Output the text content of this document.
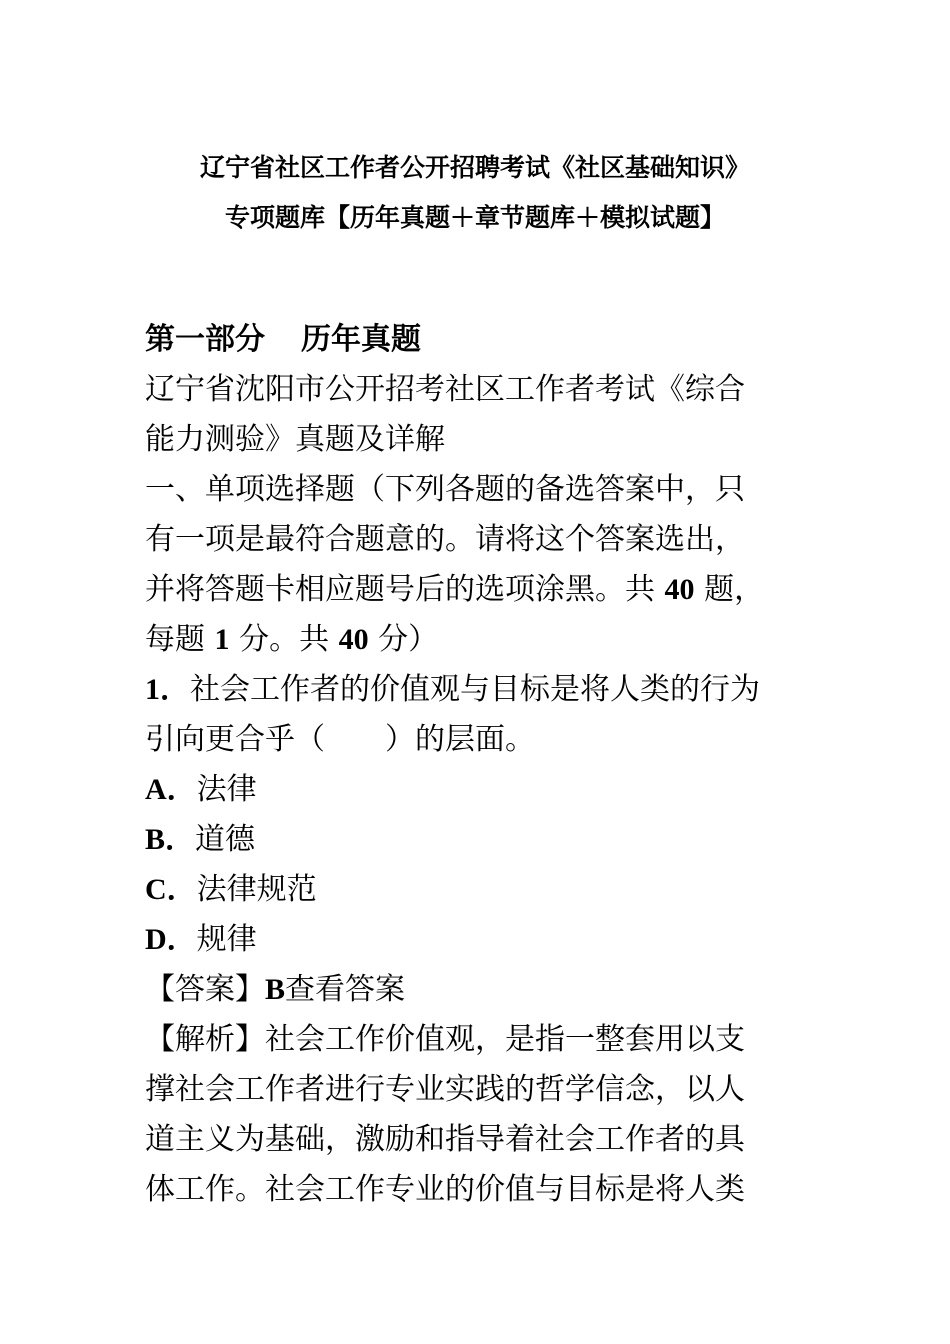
辽宁省社区工作者公开招聘考试《社区基础知识》
专项题库【历年真题＋章节题库＋模拟试题】
第一部分 历年真题
辽宁省沈阳市公开招考社区工作者考试《综合
能力测验》真题及详解
一、单项选择题（下列各题的备选答案中，只
有一项是最符合题意的。请将这个答案选出，
并将答题卡相应题号后的选项涂黑。共 40 题，
每题 1 分。共 40 分）
1．社会工作者的价值观与目标是将人类的行为
引向更合乎（　　）的层面。
A．法律
B．道德
C．法律规范
D．规律
【答案】B查看答案
【解析】社会工作价值观，是指一整套用以支
撑社会工作者进行专业实践的哲学信念，以人
道主义为基础，激励和指导着社会工作者的具
体工作。社会工作专业的价值与目标是将人类
